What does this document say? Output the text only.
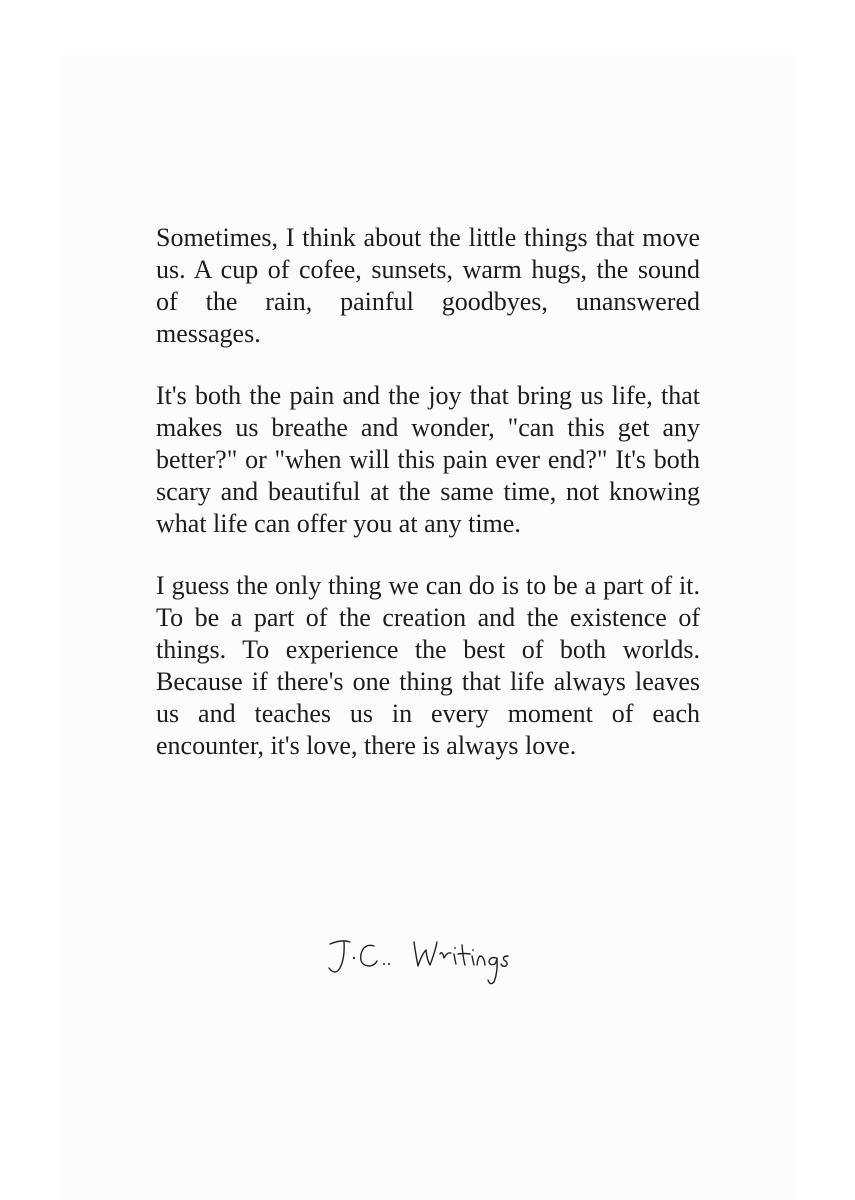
Sometimes, I think about the little things that move us. A cup of cofee, sunsets, warm hugs, the sound of the rain, painful goodbyes, unanswered messages.

It's both the pain and the joy that bring us life, that makes us breathe and wonder, "can this get any better?" or "when will this pain ever end?" It's both scary and beautiful at the same time, not knowing what life can offer you at any time.

I guess the only thing we can do is to be a part of it. To be a part of the creation and the existence of things. To experience the best of both worlds. Because if there's one thing that life always leaves us and teaches us in every moment of each encounter, it's love, there is always love.
